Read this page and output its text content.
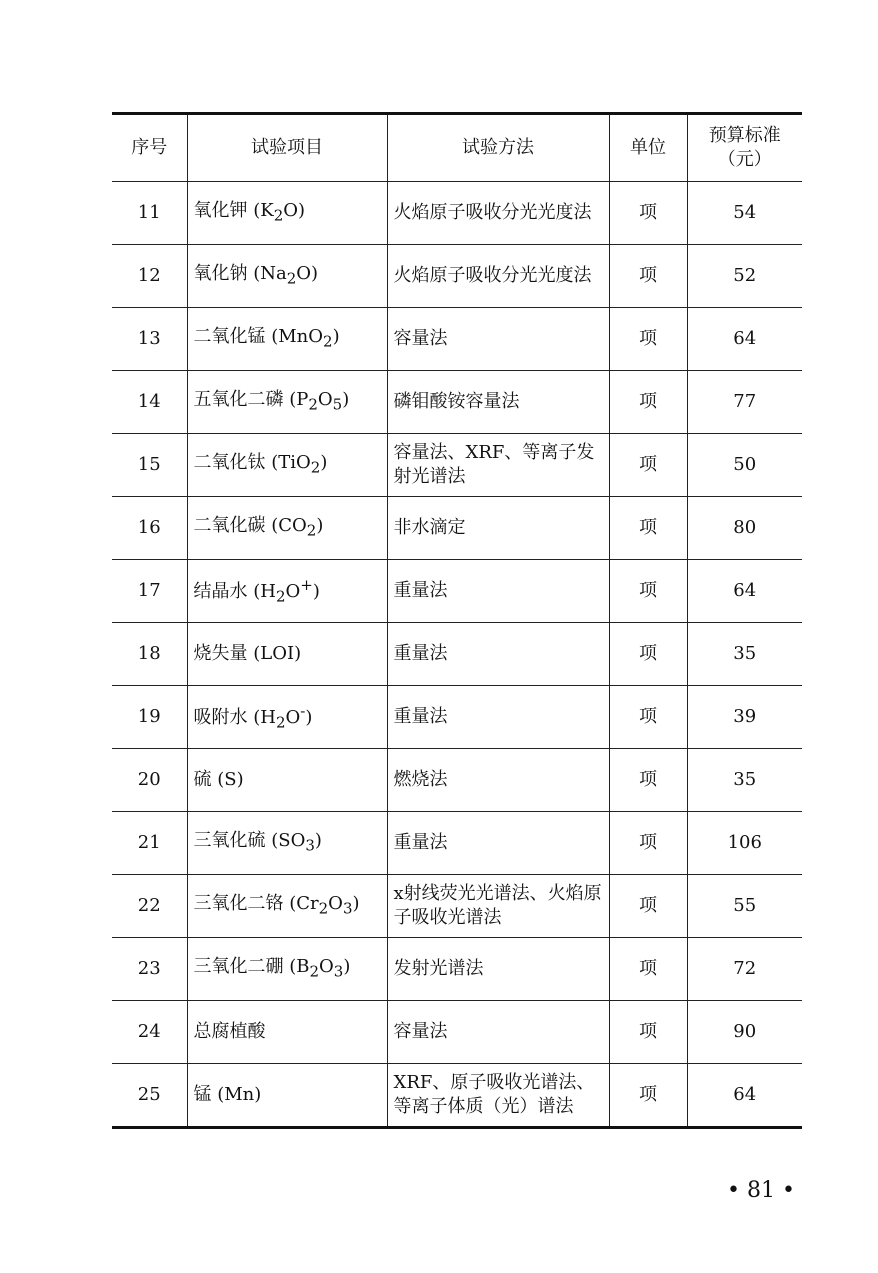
序号	试验项目	试验方法	单位	预算标准
（元）
11	氧化钾 $(K_2O)$	火焰原子吸收分光光度法	项	54
12	氧化钠 $(Na_2O)$	火焰原子吸收分光光度法	项	52
13	二氧化锰 (MnO$_2$)	容量法	项	64
14	五氧化二磷 $(P_2O_5)$	磷钼酸铵容量法	项	77
15	二氧化钛 (TiO$_2$)	容量法、XRF、等离子发射光谱法	项	50
16	二氧化碳 $(CO_2)$	非水滴定	项	80
17	结晶水 $(H_2O^+)$	重量法	项	64
18	烧失量 (LOI)	重量法	项	35
19	吸附水 $(H_2O^-)$	重量法	项	39
20	硫 (S)	燃烧法	项	35
21	三氧化硫 $(SO_3)$	重量法	项	106
22	三氧化二铬 $(Cr_2O_3)$	x射线荧光光谱法、火焰原子吸收光谱法	项	55
23	三氧化二硼 $(B_2O_3)$	发射光谱法	项	72
24	总腐植酸	容量法	项	90
25	锰 (Mn)	XRF、原子吸收光谱法、等离子体质（光）谱法	项	64
• 81 •
